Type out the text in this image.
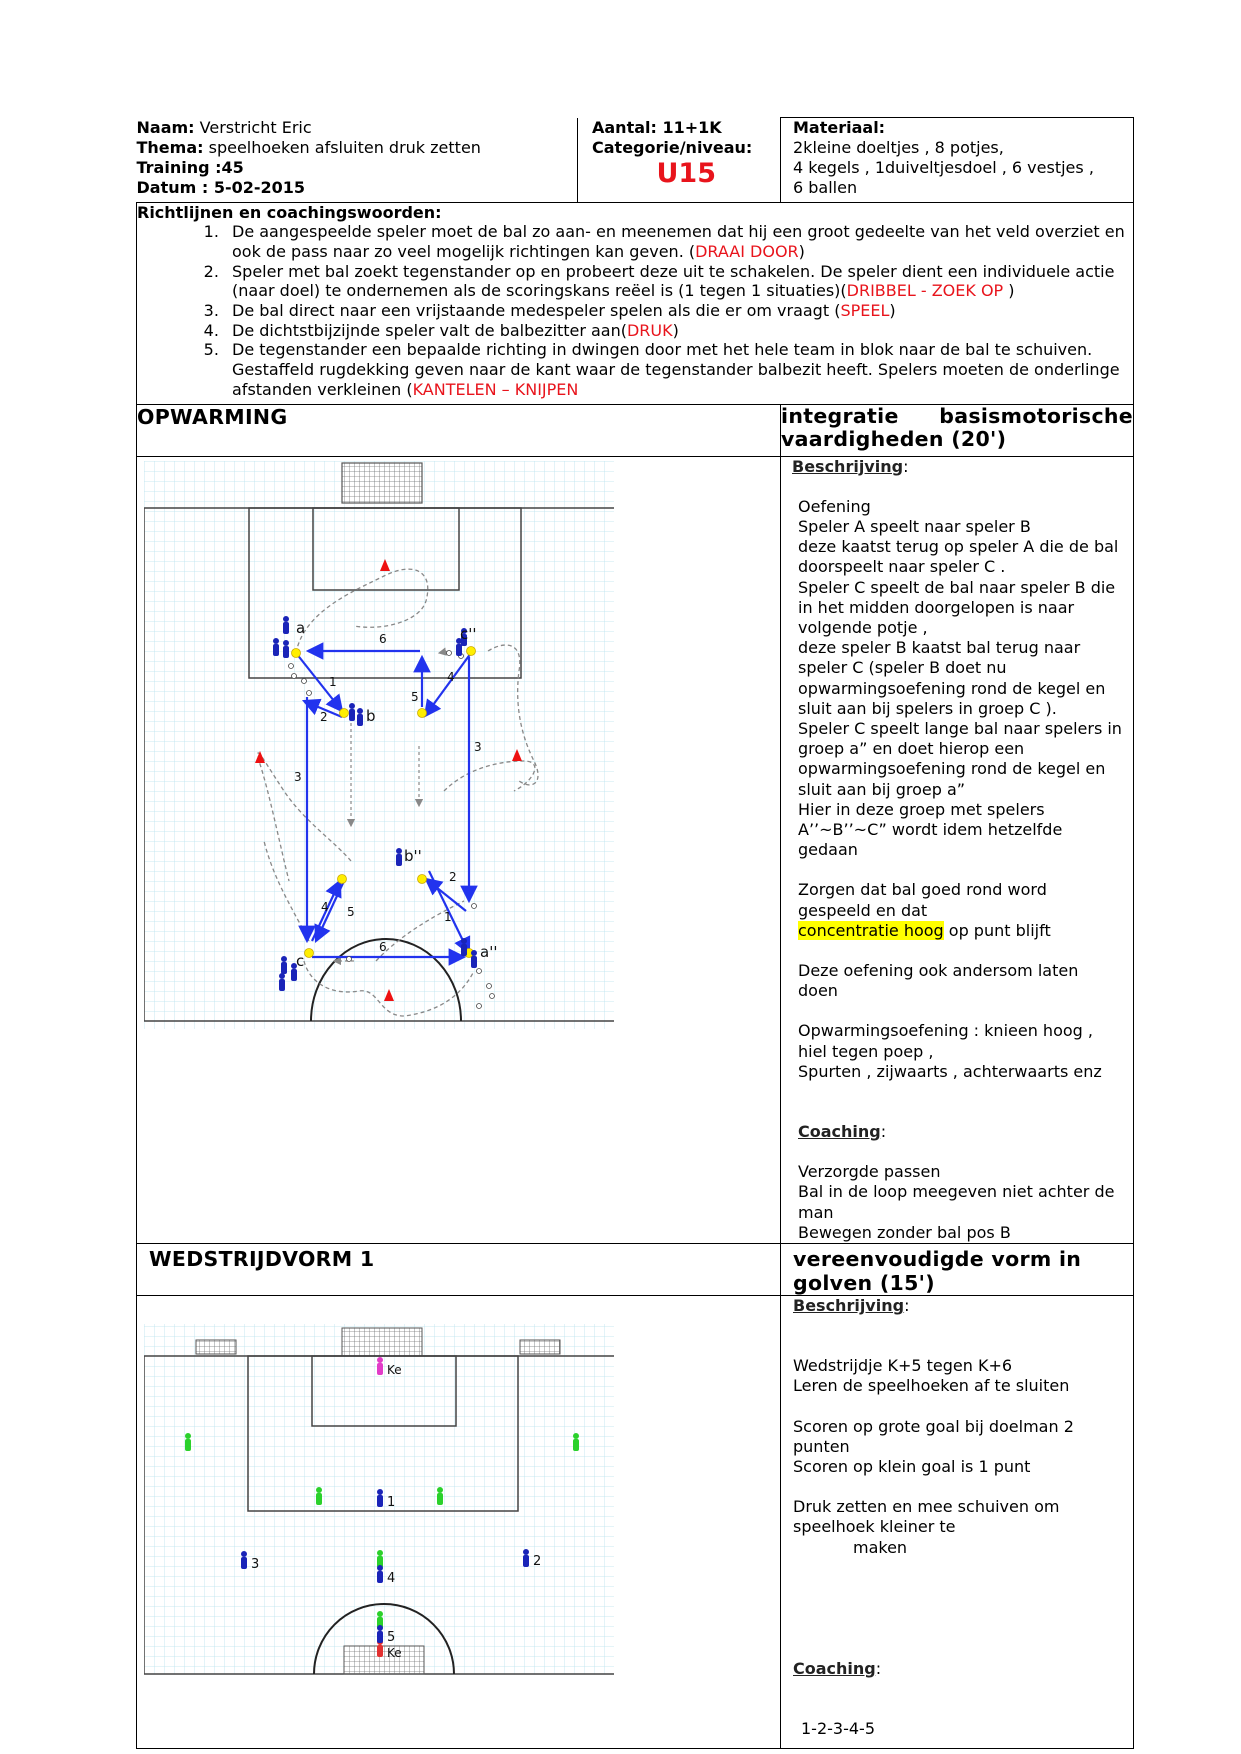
Naam: Verstricht Eric
Thema: speelhoeken afsluiten druk zetten
Training :45
Datum : 5-02-2015

Aantal: 11+1K
Categorie/niveau:
U15

Materiaal:
2kleine doeltjes , 8 potjes,
4 kegels , 1duiveltjesdoel , 6 vestjes ,
6 ballen

Richtlijnen en coachingswoorden:
1. De aangespeelde speler moet de bal zo aan- en meenemen dat hij een groot gedeelte van het veld overziet en ook de pass naar zo veel mogelijk richtingen kan geven. (DRAAI DOOR)
2. Speler met bal zoekt tegenstander op en probeert deze uit te schakelen. De speler dient een individuele actie (naar doel) te ondernemen als de scoringskans reëel is (1 tegen 1 situaties)(DRIBBEL - ZOEK OP )
3. De bal direct naar een vrijstaande medespeler spelen als die er om vraagt (SPEEL)
4. De dichtstbijzijnde speler valt de balbezitter aan(DRUK)
5. De tegenstander een bepaalde richting in dwingen door met het hele team in blok naar de bal te schuiven. Gestaffeld rugdekking geven naar de kant waar de tegenstander balbezit heeft. Spelers moeten de onderlinge afstanden verkleinen (KANTELEN – KNIJPEN

OPWARMING	integratie basismotorische vaardigheden (20')

1
2
3
4 5
6
3
4
5
2
1
6
a	c''
b
b''
c	a''

Beschrijving:
Oefening
Speler A speelt naar speler B
deze kaatst terug op speler A die de bal doorspeelt naar speler C .
Speler C speelt de bal naar speler B die in het midden doorgelopen is naar volgende potje ,
deze speler B kaatst bal terug naar speler C (speler B doet nu opwarmingsoefening rond de kegel en sluit aan bij spelers in groep C ).
Speler C speelt lange bal naar spelers in groep a” en doet hierop een opwarmingsoefening rond de kegel en sluit aan bij groep a”
Hier in deze groep met spelers A’’~B’’~C” wordt idem hetzelfde gedaan
Zorgen dat bal goed rond word gespeeld en dat
concentratie hoog op punt blijft
Deze oefening ook andersom laten doen
Opwarmingsoefening : knieen hoog , hiel tegen poep ,
Spurten , zijwaarts , achterwaarts enz
Coaching:
Verzorgde passen
Bal in de loop meegeven niet achter de man
Bewegen zonder bal pos B

WEDSTRIJDVORM 1	vereenvoudigde vorm in golven (15')

Ke
Ke
1
2
3
4
5

Beschrijving:
Wedstrijdje K+5 tegen K+6
Leren de speelhoeken af te sluiten
Scoren op grote goal bij doelman 2 punten
Scoren op klein goal is 1 punt
Druk zetten en mee schuiven om speelhoek kleiner te
maken
Coaching:
1-2-3-4-5
